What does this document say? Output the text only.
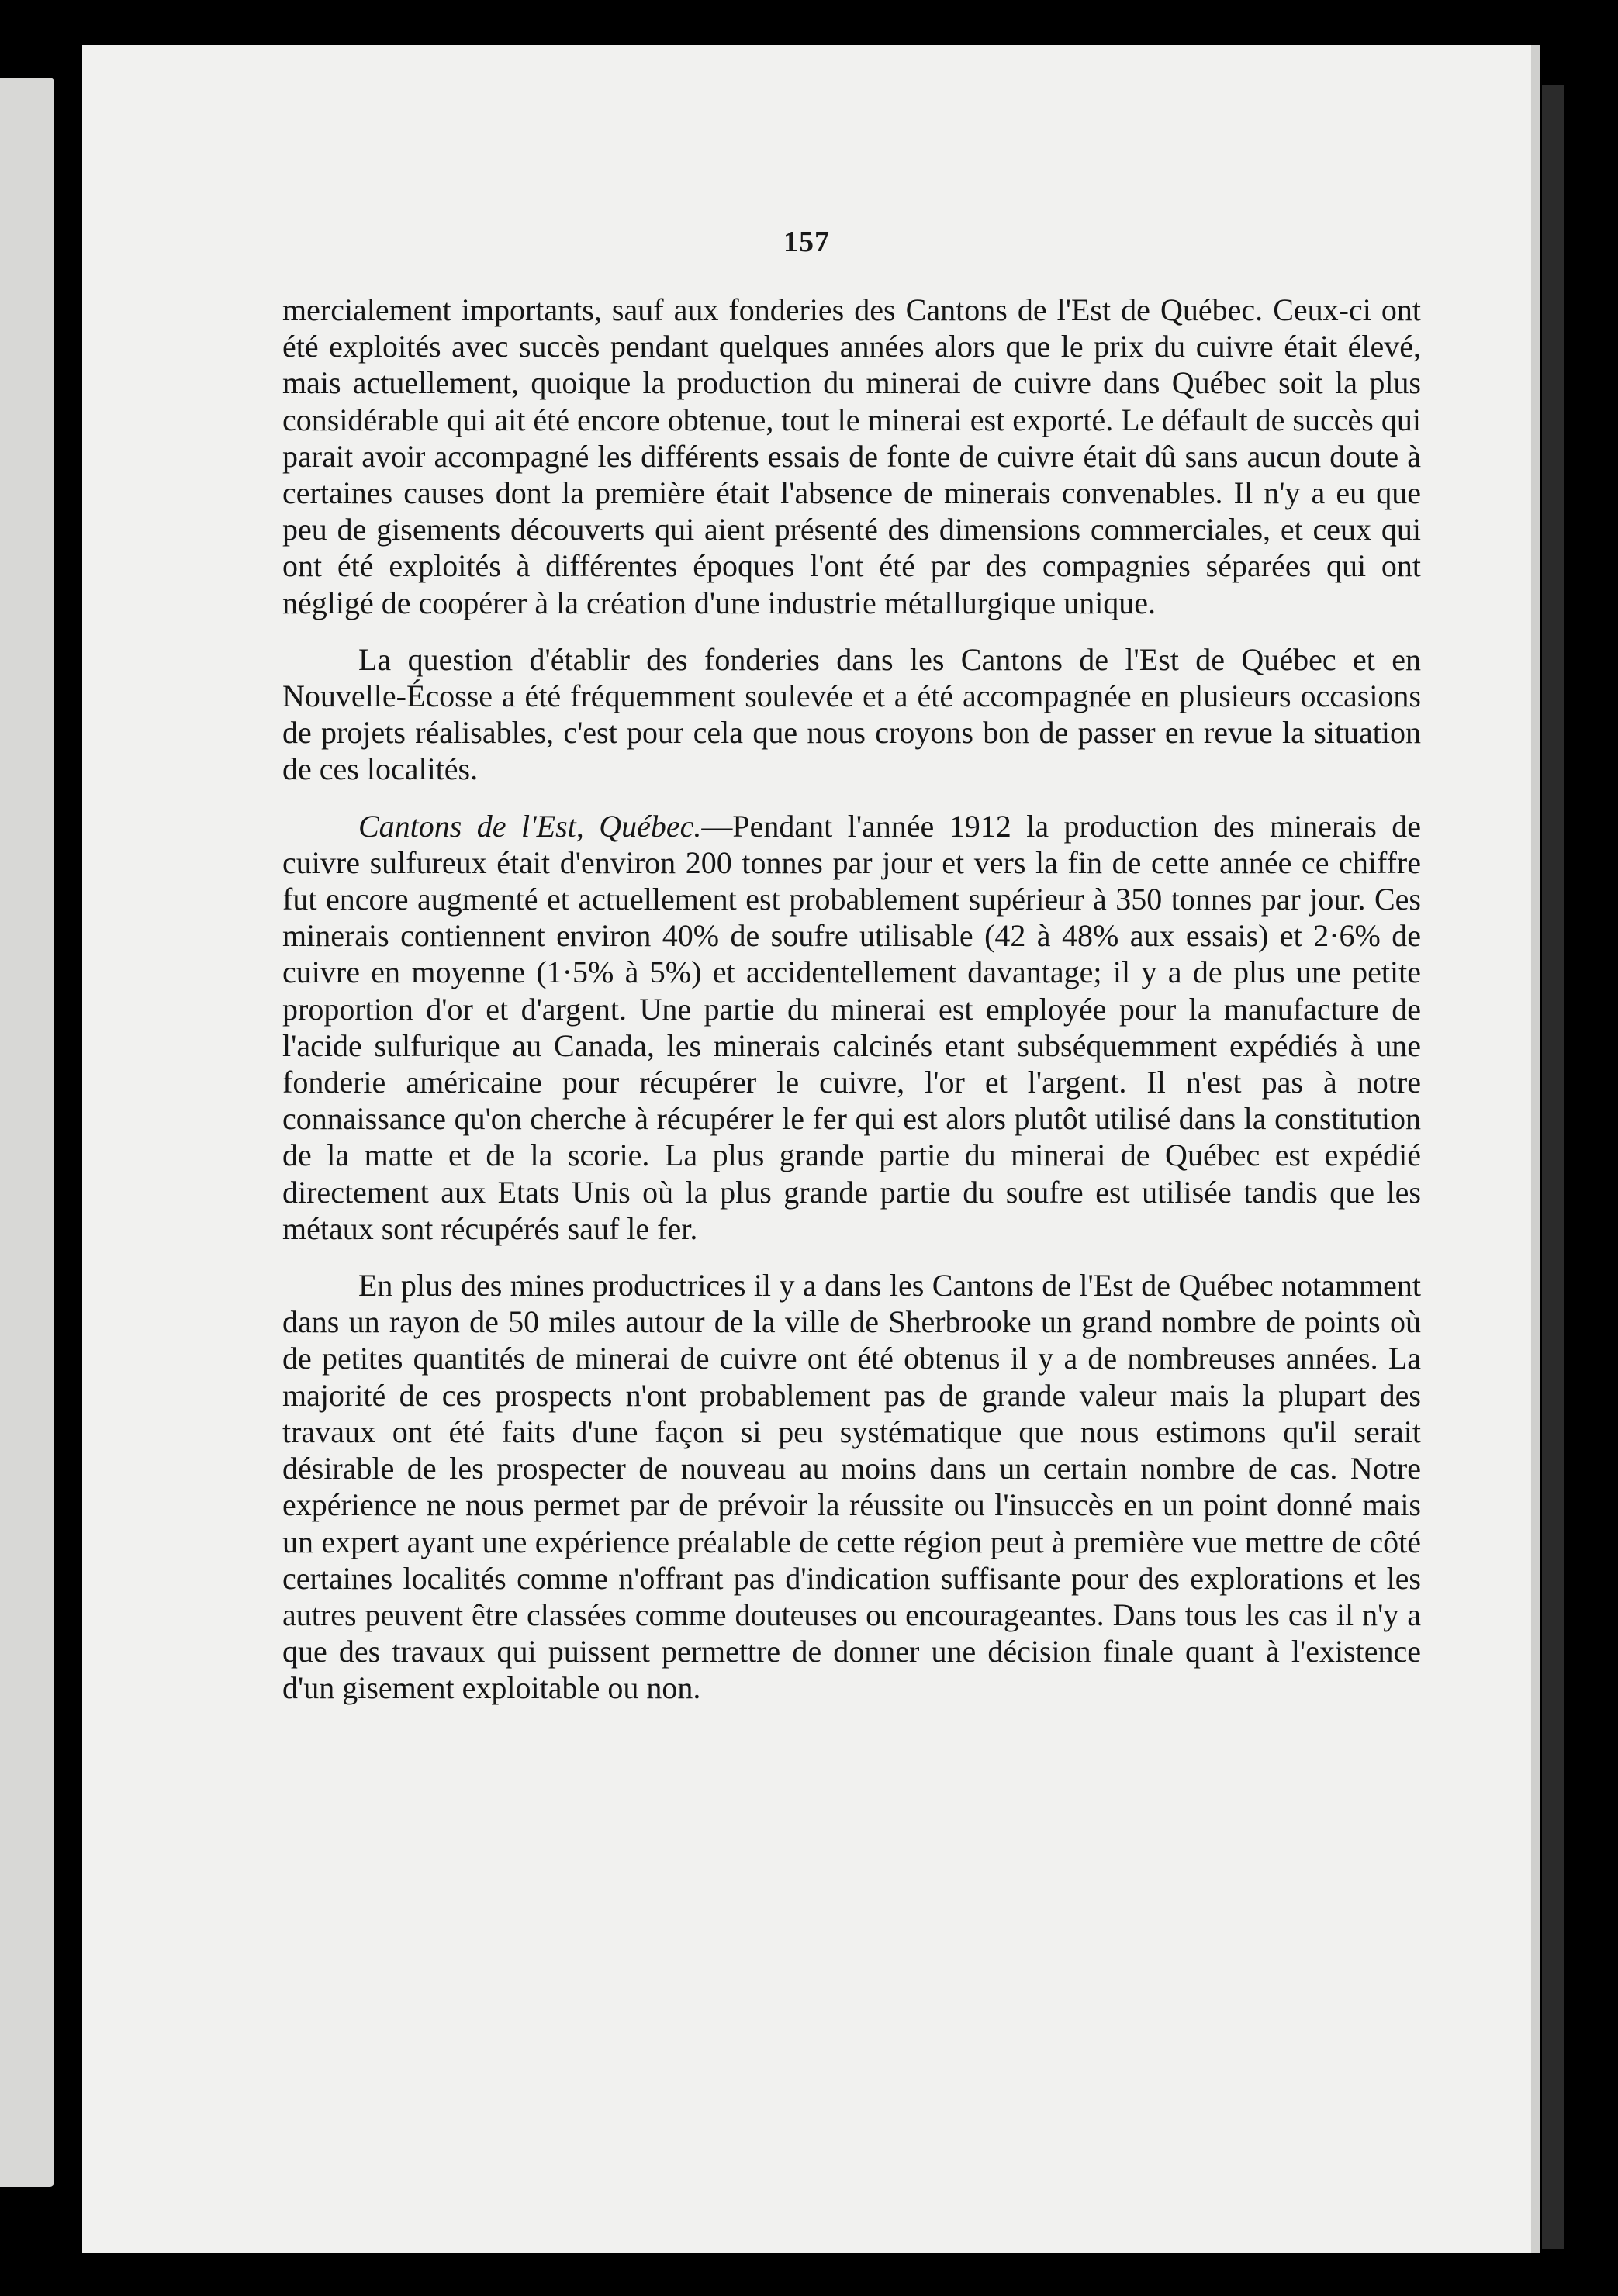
157

mercialement importants, sauf aux fonderies des Cantons de l'Est de Québec. Ceux-ci ont été exploités avec succès pendant quelques années alors que le prix du cuivre était élevé, mais actuellement, quoique la production du minerai de cuivre dans Québec soit la plus considérable qui ait été encore obtenue, tout le minerai est exporté. Le défault de succès qui parait avoir accompagné les différents essais de fonte de cuivre était dû sans aucun doute à certaines causes dont la première était l'absence de minerais convenables. Il n'y a eu que peu de gisements découverts qui aient présenté des dimensions commerciales, et ceux qui ont été exploités à différentes époques l'ont été par des compagnies séparées qui ont négligé de coopérer à la création d'une industrie métallurgique unique.

La question d'établir des fonderies dans les Cantons de l'Est de Québec et en Nouvelle-Écosse a été fréquemment soulevée et a été accompagnée en plusieurs occasions de projets réalisables, c'est pour cela que nous croyons bon de passer en revue la situation de ces localités.

Cantons de l'Est, Québec.—Pendant l'année 1912 la production des minerais de cuivre sulfureux était d'environ 200 tonnes par jour et vers la fin de cette année ce chiffre fut encore augmenté et actuellement est probablement supérieur à 350 tonnes par jour. Ces minerais contiennent environ 40% de soufre utilisable (42 à 48% aux essais) et 2·6% de cuivre en moyenne (1·5% à 5%) et accidentellement davantage; il y a de plus une petite proportion d'or et d'argent. Une partie du minerai est employée pour la manufacture de l'acide sulfurique au Canada, les minerais calcinés etant subséquemment expédiés à une fonderie américaine pour récupérer le cuivre, l'or et l'argent. Il n'est pas à notre connaissance qu'on cherche à récupérer le fer qui est alors plutôt utilisé dans la constitution de la matte et de la scorie. La plus grande partie du minerai de Québec est expédié directement aux Etats Unis où la plus grande partie du soufre est utilisée tandis que les métaux sont récupérés sauf le fer.

En plus des mines productrices il y a dans les Cantons de l'Est de Québec notamment dans un rayon de 50 miles autour de la ville de Sherbrooke un grand nombre de points où de petites quantités de minerai de cuivre ont été obtenus il y a de nombreuses années. La majorité de ces prospects n'ont probablement pas de grande valeur mais la plupart des travaux ont été faits d'une façon si peu systématique que nous estimons qu'il serait désirable de les prospecter de nouveau au moins dans un certain nombre de cas. Notre expérience ne nous permet par de prévoir la réussite ou l'insuccès en un point donné mais un expert ayant une expérience préalable de cette région peut à première vue mettre de côté certaines localités comme n'offrant pas d'indication suffisante pour des explorations et les autres peuvent être classées comme douteuses ou encourageantes. Dans tous les cas il n'y a que des travaux qui puissent permettre de donner une décision finale quant à l'existence d'un gisement exploitable ou non.
